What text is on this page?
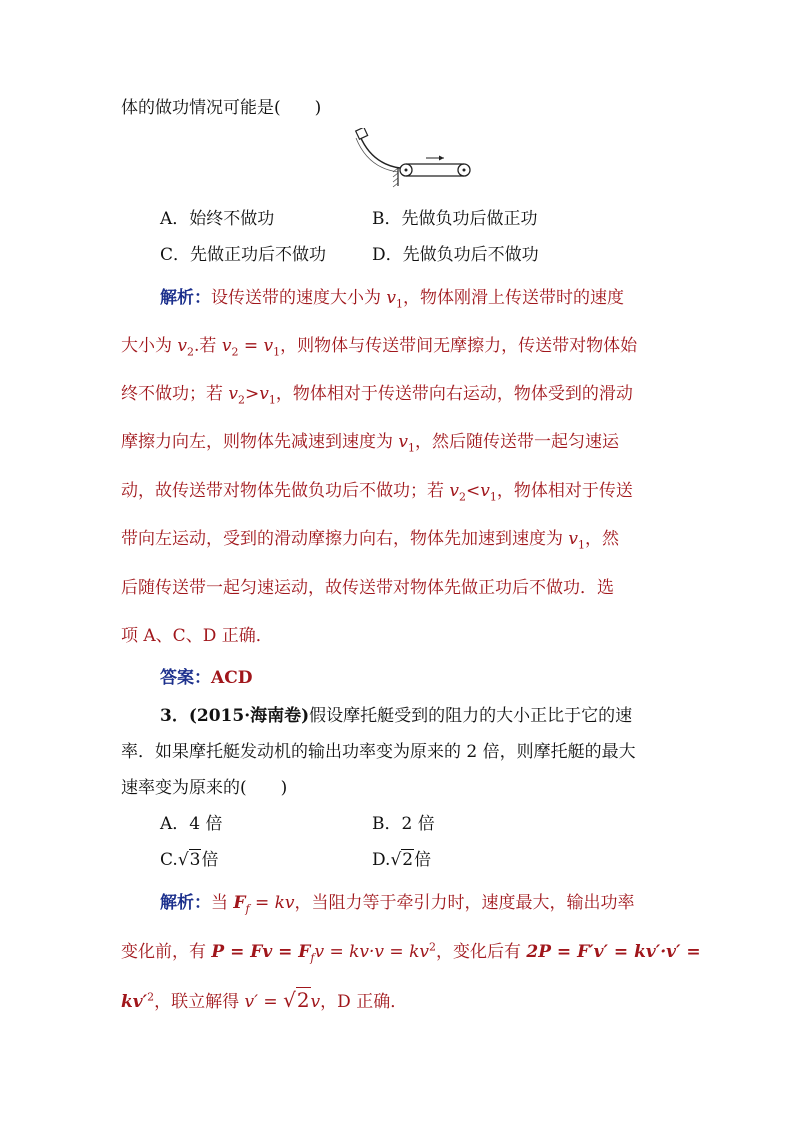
体的做功情况可能是(　　)
A．始终不做功	B．先做负功后做正功
C．先做正功后不做功	D．先做负功后不做功
解析：设传送带的速度大小为 $v_1$，物体刚滑上传送带时的速度
大小为 $v_2$.若 $v_2 = v_1$，则物体与传送带间无摩擦力，传送带对物体始
终不做功；若 $v_2>v_1$，物体相对于传送带向右运动，物体受到的滑动
摩擦力向左，则物体先减速到速度为 $v_1$，然后随传送带一起匀速运
动，故传送带对物体先做负功后不做功；若 $v_2<v_1$，物体相对于传送
带向左运动，受到的滑动摩擦力向右，物体先加速到速度为 $v_1$，然
后随传送带一起匀速运动，故传送带对物体先做正功后不做功．选
项 A、C、D 正确．
答案：ACD
3．(2015·海南卷)假设摩托艇受到的阻力的大小正比于它的速
率．如果摩托艇发动机的输出功率变为原来的 2 倍，则摩托艇的最大
速率变为原来的(　　)
A．4 倍	B．2 倍
C.√3倍	D.√2倍
解析：当 $F_f$ = kv，当阻力等于牵引力时，速度最大，输出功率
变化前，有 $P = Fv = F_fv = kv\cdot v = kv^2$，变化后有 2P = F′v′ = kv′·v′ =
$kv'^2$，联立解得 v′ = √2v，D 正确．
